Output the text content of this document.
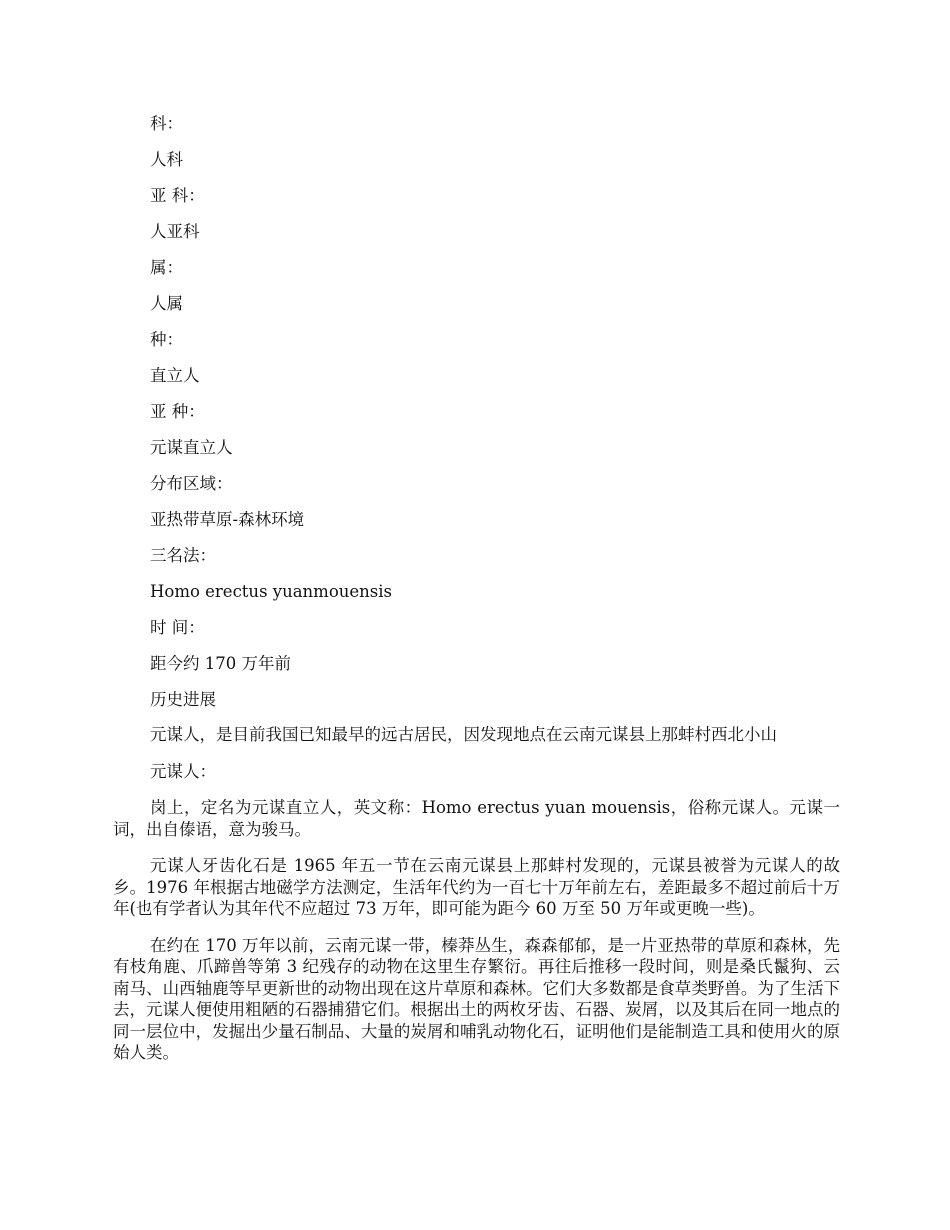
科：
人科
亚 科：
人亚科
属：
人属
种：
直立人
亚 种：
元谋直立人
分布区域：
亚热带草原-森林环境
三名法：
Homo erectus yuanmouensis
时 间：
距今约 170 万年前
历史进展

元谋人，是目前我国已知最早的远古居民，因发现地点在云南元谋县上那蚌村西北小山

元谋人：

岗上，定名为元谋直立人，英文称：Homo erectus yuan mouensis，俗称元谋人。元谋一词，出自傣语，意为骏马。

元谋人牙齿化石是 1965 年五一节在云南元谋县上那蚌村发现的，元谋县被誉为元谋人的故乡。1976 年根据古地磁学方法测定，生活年代约为一百七十万年前左右，差距最多不超过前后十万年(也有学者认为其年代不应超过 73 万年，即可能为距今 60 万至 50 万年或更晚一些)。

在约在 170 万年以前，云南元谋一带，榛莽丛生，森森郁郁，是一片亚热带的草原和森林，先有枝角鹿、爪蹄兽等第 3 纪残存的动物在这里生存繁衍。再往后推移一段时间，则是桑氏鬣狗、云南马、山西轴鹿等早更新世的动物出现在这片草原和森林。它们大多数都是食草类野兽。为了生活下去，元谋人便使用粗陋的石器捕猎它们。根据出土的两枚牙齿、石器、炭屑，以及其后在同一地点的同一层位中，发掘出少量石制品、大量的炭屑和哺乳动物化石，证明他们是能制造工具和使用火的原始人类。
